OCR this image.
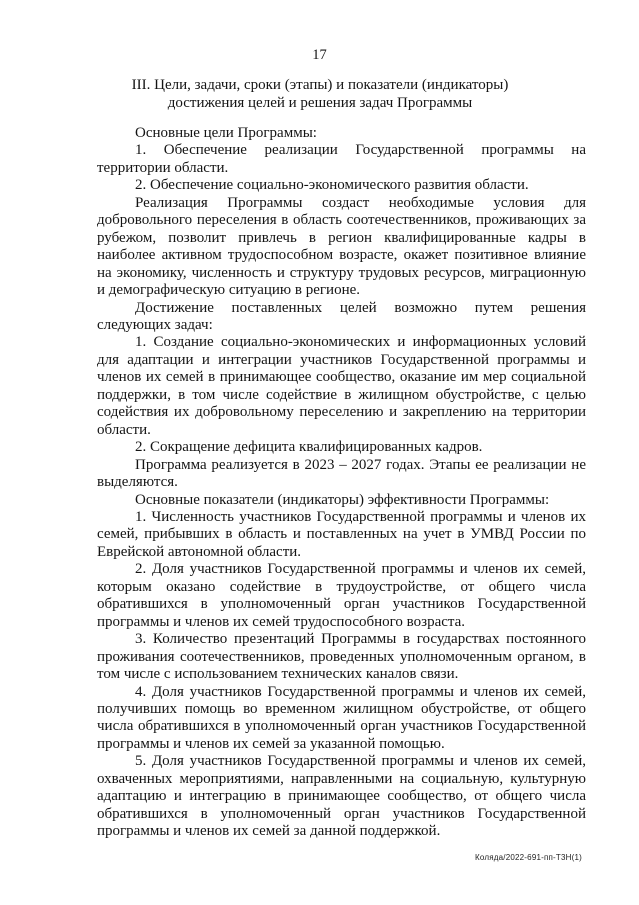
17
III. Цели, задачи, сроки (этапы) и показатели (индикаторы)
достижения целей и решения задач Программы

Основные цели Программы:

1. Обеспечение реализации Государственной программы на территории области.

2. Обеспечение социально-экономического развития области.

Реализация Программы создаст необходимые условия для добровольного переселения в область соотечественников, проживающих за рубежом, позволит привлечь в регион квалифицированные кадры в наиболее активном трудоспособном возрасте, окажет позитивное влияние на экономику, численность и структуру трудовых ресурсов, миграционную и демографическую ситуацию в регионе.

Достижение поставленных целей возможно путем решения следующих задач:

1. Создание социально-экономических и информационных условий для адаптации и интеграции участников Государственной программы и членов их семей в принимающее сообщество, оказание им мер социальной поддержки, в том числе содействие в жилищном обустройстве, с целью содействия их добровольному переселению и закреплению на территории области.

2. Сокращение дефицита квалифицированных кадров.

Программа реализуется в 2023 – 2027 годах. Этапы ее реализации не выделяются.

Основные показатели (индикаторы) эффективности Программы:

1. Численность участников Государственной программы и членов их семей, прибывших в область и поставленных на учет в УМВД России по Еврейской автономной области.

2. Доля участников Государственной программы и членов их семей, которым оказано содействие в трудоустройстве, от общего числа обратившихся в уполномоченный орган участников Государственной программы и членов их семей трудоспособного возраста.

3. Количество презентаций Программы в государствах постоянного проживания соотечественников, проведенных уполномоченным органом, в том числе с использованием технических каналов связи.

4. Доля участников Государственной программы и членов их семей, получивших помощь во временном жилищном обустройстве, от общего числа обратившихся в уполномоченный орган участников Государственной программы и членов их семей за указанной помощью.

5. Доля участников Государственной программы и членов их семей, охваченных мероприятиями, направленными на социальную, культурную адаптацию и интеграцию в принимающее сообщество, от общего числа обратившихся в уполномоченный орган участников Государственной программы и членов их семей за данной поддержкой.

Коляда/2022-691-пп-Т3Н(1)
